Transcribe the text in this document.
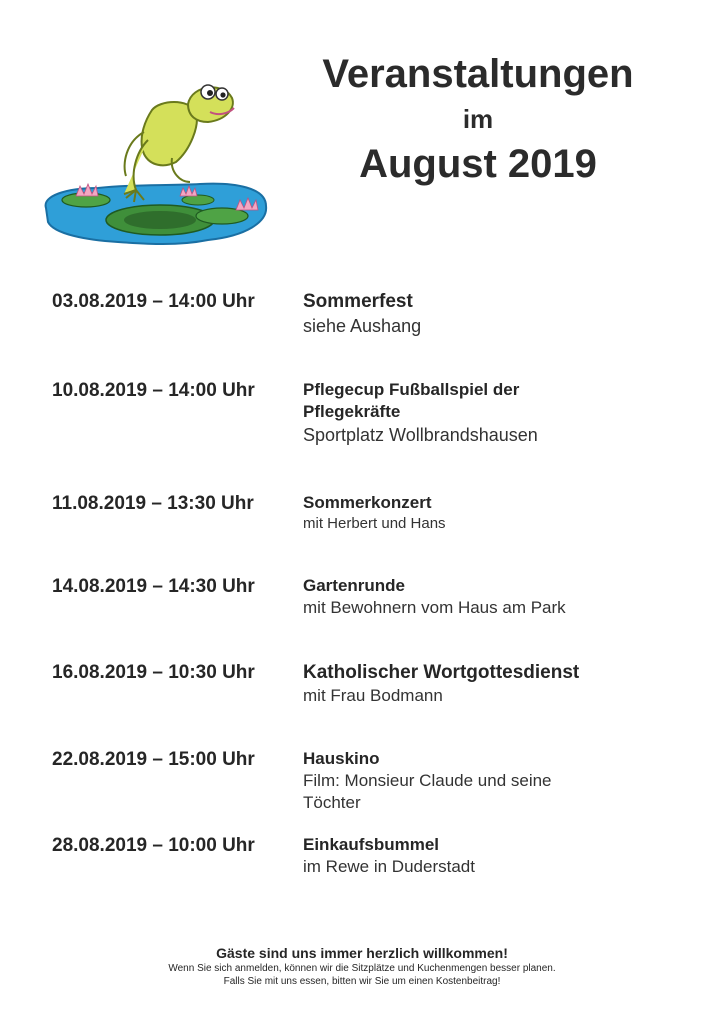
Veranstaltungen
im
August 2019
03.08.2019 – 14:00 Uhr	Sommerfest
siehe Aushang
10.08.2019 – 14:00 Uhr	Pflegecup Fußballspiel der Pflegekräfte
Sportplatz Wollbrandshausen
11.08.2019 – 13:30 Uhr	Sommerkonzert
mit Herbert und Hans
14.08.2019 – 14:30 Uhr	Gartenrunde
mit Bewohnern vom Haus am Park
16.08.2019 – 10:30 Uhr	Katholischer Wortgottesdienst
mit Frau Bodmann
22.08.2019 – 15:00 Uhr	Hauskino
Film: Monsieur Claude und seine Töchter
28.08.2019 – 10:00 Uhr	Einkaufsbummel
im Rewe in Duderstadt
Gäste sind uns immer herzlich willkommen!
Wenn Sie sich anmelden, können wir die Sitzplätze und Kuchenmengen besser planen.
Falls Sie mit uns essen, bitten wir Sie um einen Kostenbeitrag!
